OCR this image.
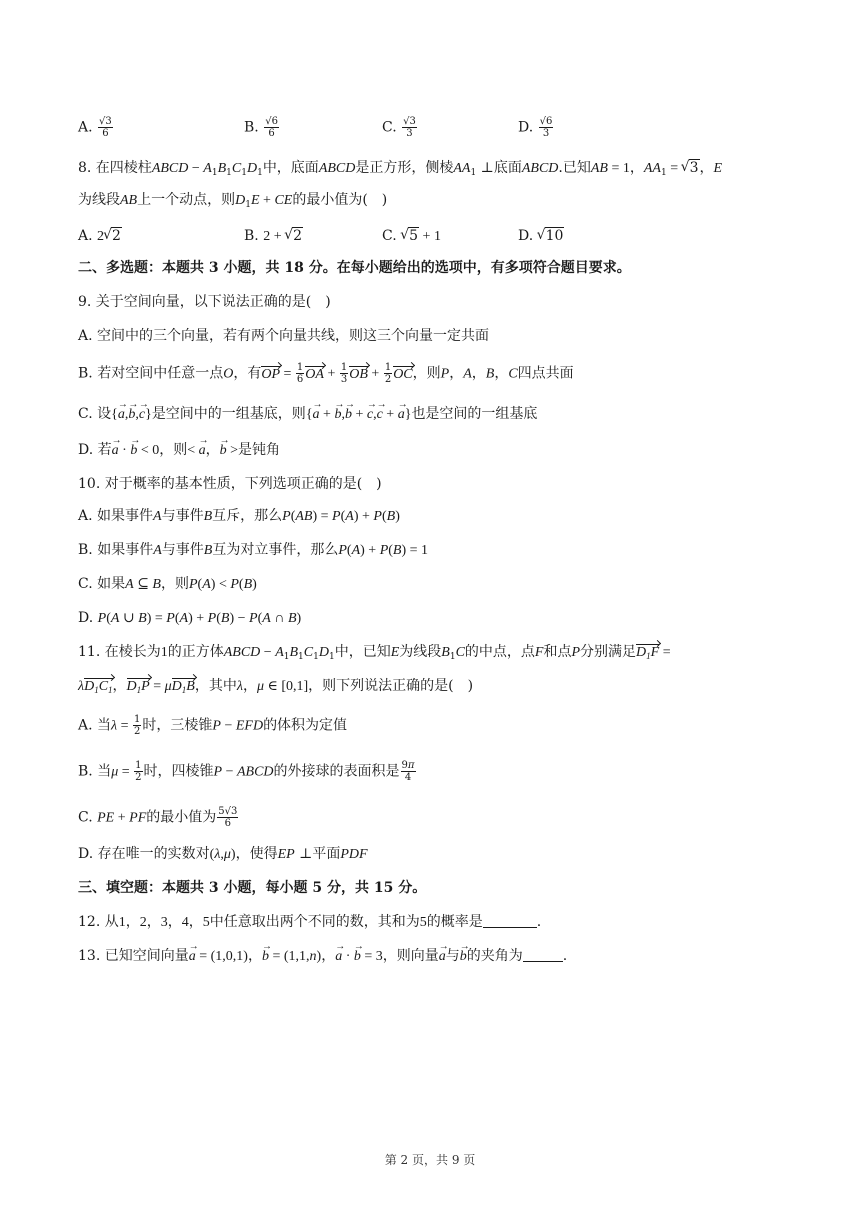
A. $\frac{√3}{6}$	B. $\frac{√6}{6}$	C. $\frac{√3}{3}$	D. $\frac{√6}{3}$
8. 在四棱柱ABCD − $A_1B_1C_1D_1$中，底面ABCD是正方形，侧棱$AA_1$ ⊥底面ABCD.已知AB = 1，$AA_1$ = √ 3，E
为线段AB上一个动点，则$D_1E$ + CE的最小值为(　)
A. 2 √ 2	B. 2 + √ 2	C. √ 5 + 1	D. √ 10
二、多选题：本题共 3 小题，共 18 分。在每小题给出的选项中，有多项符合题目要求。
9. 关于空间向量，以下说法正确的是(　)
A. 空间中的三个向量，若有两个向量共线，则这三个向量一定共面
B. 若对空间中任意一点O，有OP = $\frac{1}{6}$ OA + $\frac{1}{3}$ OB + $\frac{1}{2}$ OC，则P，A，B，C四点共面
C. 设{a →,b →,c →}是空间中的一组基底，则{a → + b →,b → + c →,c → + a →}也是空间的一组基底
D. 若a → · b → < 0，则< a →，b → >是钝角
10. 对于概率的基本性质，下列选项正确的是(　)
A. 如果事件A与事件B互斥，那么P(AB) = P(A) + P(B)
B. 如果事件A与事件B互为对立事件，那么P(A) + P(B) = 1
C. 如果A ⊆ B，则P(A) < P(B)
D. P(A ∪ B) = P(A) + P(B) − P(A ∩ B)
11. 在棱长为1的正方体ABCD − $A_1B_1C_1D_1$中，已知E为线段$B_1C$的中点，点F和点P分别满足$D_1F$ =
$\lambda D_1C_1$，$D_1P = \mu D_1B$，其中λ，μ ∈ [0,1]，则下列说法正确的是(　)
A. 当$\lambda = \frac{1}{2}$ 时，三棱锥P − EFD的体积为定值
B. 当$\mu = \frac{1}{2}$ 时，四棱锥P − ABCD的外接球的表面积是 $\frac{9\pi}{4}$
C. PE + PF的最小值为 $\frac{5√3}{6}$
D. 存在唯一的实数对(λ,μ)，使得EP ⊥平面PDF
三、填空题：本题共 3 小题，每小题 5 分，共 15 分。
12. 从1，2，3，4，5中任意取出两个不同的数，其和为5的概率是	.
13. 已知空间向量a → = (1,0,1)，b → = (1,1,n)，a → · b → = 3，则向量a →与b →的夹角为	.
第 2 页，共 9 页
